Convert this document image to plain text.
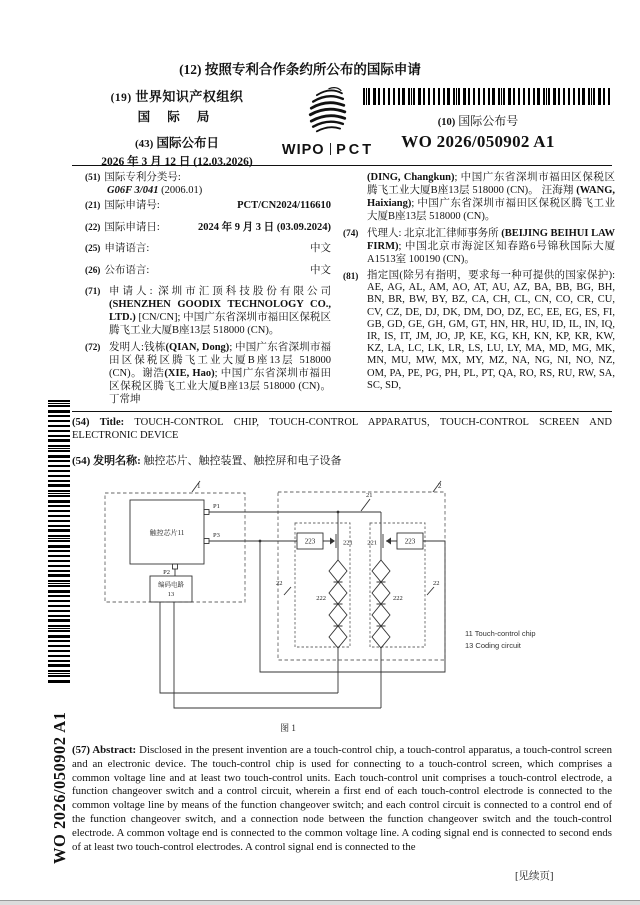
(12) 按照专利合作条约所公布的国际申请
(19) 世界知识产权组织
国 际 局
(43) 国际公布日
2026 年 3 月 12 日 (12.03.2026)
WIPO PCT
(10) 国际公布号
WO 2026/050902 A1
(51) 国际专利分类号:
G06F 3/041 (2006.01)
(21) 国际申请号:	PCT/CN2024/116610
(22) 国际申请日:	2024 年 9 月 3 日 (03.09.2024)
(25) 申请语言:	中文
(26) 公布语言:	中文
(71) 申请人: 深圳市汇顶科技股份有限公司 (SHENZHEN GOODIX TECHNOLOGY CO., LTD.) [CN/CN]; 中国广东省深圳市福田区保税区腾飞工业大厦B座13层 518000 (CN)。
(72) 发明人:钱栋(QIAN, Dong); 中国广东省深圳市福田区保税区腾飞工业大厦B座13层 518000 (CN)。谢浩(XIE, Hao); 中国广东省深圳市福田区保税区腾飞工业大厦B座13层 518000 (CN)。 丁常坤
(DING, Changkun); 中国广东省深圳市福田区保税区腾飞工业大厦B座13层 518000 (CN)。 汪海翔 (WANG, Haixiang); 中国广东省深圳市福田区保税区腾飞工业大厦B座13层 518000 (CN)。
(74) 代理人: 北京北汇律师事务所 (BEIJING BEIHUI LAW FIRM); 中国北京市海淀区知春路6号锦秋国际大厦A1513室 100190 (CN)。
(81) 指定国(除另有指明，要求每一种可提供的国家保护): AE, AG, AL, AM, AO, AT, AU, AZ, BA, BB, BG, BH, BN, BR, BW, BY, BZ, CA, CH, CL, CN, CO, CR, CU, CV, CZ, DE, DJ, DK, DM, DO, DZ, EC, EE, EG, ES, FI, GB, GD, GE, GH, GM, GT, HN, HR, HU, ID, IL, IN, IQ, IR, IS, IT, JM, JO, JP, KE, KG, KH, KN, KP, KR, KW, KZ, LA, LC, LK, LR, LS, LU, LY, MA, MD, MG, MK, MN, MU, MW, MX, MY, MZ, NA, NG, NI, NO, NZ, OM, PA, PE, PG, PH, PL, PT, QA, RO, RS, RU, RW, SA, SC, SD,
(54) Title: TOUCH-CONTROL CHIP, TOUCH-CONTROL APPARATUS, TOUCH-CONTROL SCREEN AND ELECTRONIC DEVICE
(54) 发明名称: 触控芯片、触控装置、触控屏和电子设备
触控芯片11
编码电路
13
P1
P3
P2
223	223
221 221
222	222
1	2
21
22	22
11 Touch-control chip
13 Coding circuit
图 1
(57) Abstract: Disclosed in the present invention are a touch-control chip, a touch-control apparatus, a touch-control screen and an electronic device. The touch-control chip is used for connecting to a touch-control screen, which comprises a common voltage line and at least two touch-control units. Each touch-control unit comprises a touch-control electrode, a function changeover switch and a control circuit, wherein a first end of each touch-control electrode is connected to the common voltage line by means of the function changeover switch; and each control circuit is connected to a control end of the function changeover switch, and a connection node between the function changeover switch and the touch-control electrode. A common voltage end is connected to the common voltage line. A coding signal end is connected to second ends of at least two touch-control electrodes. A control signal end is connected to the
[见续页]
WO 2026/050902 A1
